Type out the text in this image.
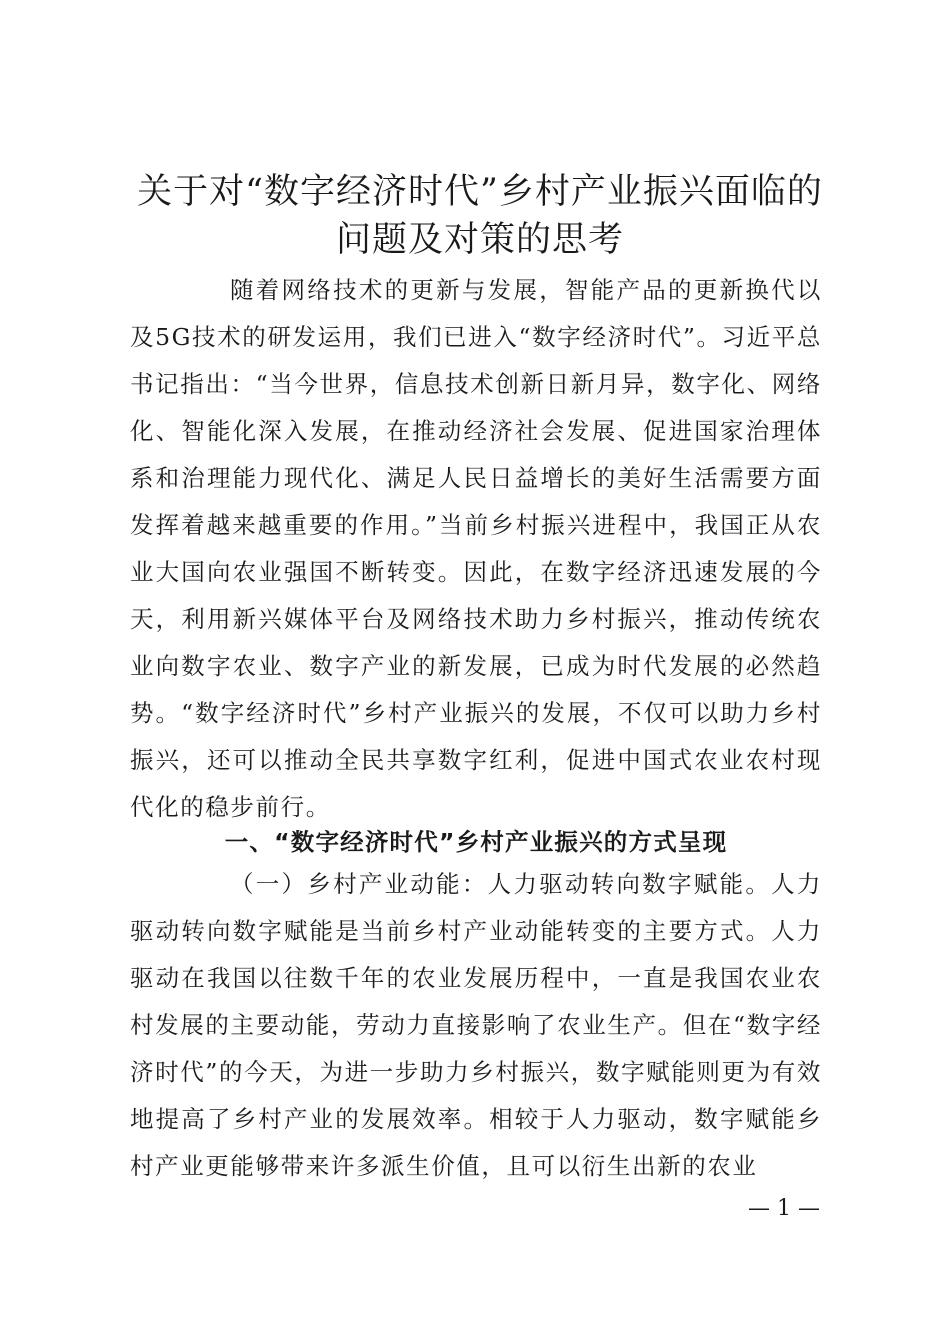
关于对“数字经济时代”乡村产业振兴面临的
问题及对策的思考

随着网络技术的更新与发展，智能产品的更新换代以及5G技术的研发运用，我们已进入“数字经济时代”。习近平总书记指出：“当今世界，信息技术创新日新月异，数字化、网络化、智能化深入发展，在推动经济社会发展、促进国家治理体系和治理能力现代化、满足人民日益增长的美好生活需要方面发挥着越来越重要的作用。”当前乡村振兴进程中，我国正从农业大国向农业强国不断转变。因此，在数字经济迅速发展的今天，利用新兴媒体平台及网络技术助力乡村振兴，推动传统农业向数字农业、数字产业的新发展，已成为时代发展的必然趋势。“数字经济时代”乡村产业振兴的发展，不仅可以助力乡村振兴，还可以推动全民共享数字红利，促进中国式农业农村现代化的稳步前行。

一、“数字经济时代”乡村产业振兴的方式呈现

（一）乡村产业动能：人力驱动转向数字赋能。人力驱动转向数字赋能是当前乡村产业动能转变的主要方式。人力驱动在我国以往数千年的农业发展历程中，一直是我国农业农村发展的主要动能，劳动力直接影响了农业生产。但在“数字经济时代”的今天，为进一步助力乡村振兴，数字赋能则更为有效地提高了乡村产业的发展效率。相较于人力驱动，数字赋能乡村产业更能够带来许多派生价值，且可以衍生出新的农业

— 1 —
